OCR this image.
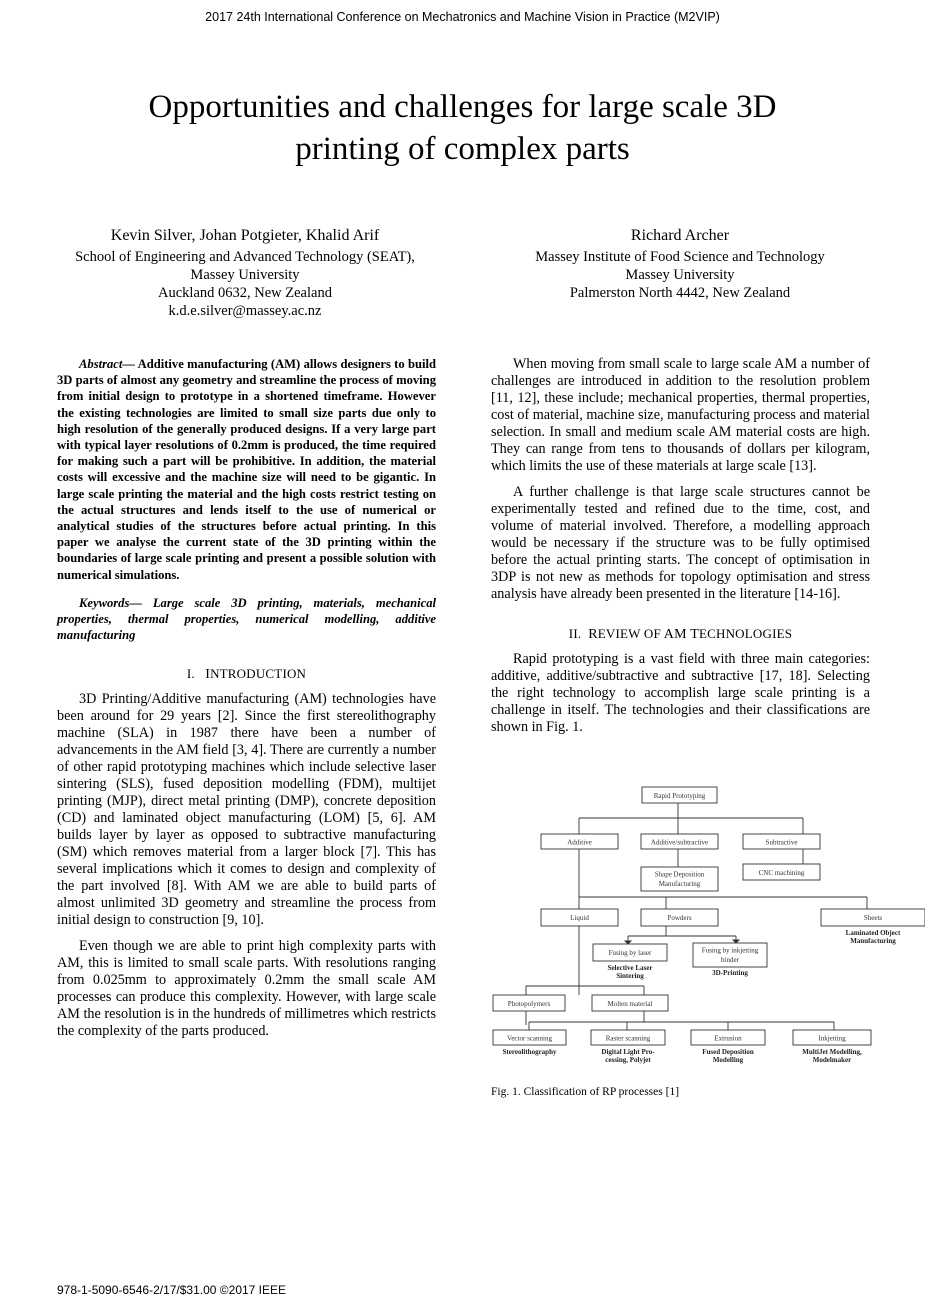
2017 24th International Conference on Mechatronics and Machine Vision in Practice (M2VIP)
Opportunities and challenges for large scale 3D
printing of complex parts
Kevin Silver, Johan Potgieter, Khalid Arif
School of Engineering and Advanced Technology (SEAT),
Massey University
Auckland 0632, New Zealand
k.d.e.silver@massey.ac.nz
Richard Archer
Massey Institute of Food Science and Technology
Massey University
Palmerston North 4442, New Zealand

Abstract— Additive manufacturing (AM) allows designers to build 3D parts of almost any geometry and streamline the process of moving from initial design to prototype in a shortened timeframe. However the existing technologies are limited to small size parts due only to high resolution of the generally produced designs. If a very large part with typical layer resolutions of 0.2mm is produced, the time required for making such a part will be prohibitive. In addition, the material costs will excessive and the machine size will need to be gigantic. In large scale printing the material and the high costs restrict testing on the actual structures and lends itself to the use of numerical or analytical studies of the structures before actual printing. In this paper we analyse the current state of the 3D printing within the boundaries of large scale printing and present a possible solution with numerical simulations.

Keywords— Large scale 3D printing, materials, mechanical properties, thermal properties, numerical modelling, additive manufacturing

I. INTRODUCTION

3D Printing/Additive manufacturing (AM) technologies have been around for 29 years [2]. Since the first stereolithography machine (SLA) in 1987 there have been a number of advancements in the AM field [3, 4]. There are currently a number of other rapid prototyping machines which include selective laser sintering (SLS), fused deposition modelling (FDM), multijet printing (MJP), direct metal printing (DMP), concrete deposition (CD) and laminated object manufacturing (LOM) [5, 6]. AM builds layer by layer as opposed to subtractive manufacturing (SM) which removes material from a larger block [7]. This has several implications which it comes to design and complexity of the part involved [8]. With AM we are able to build parts of almost unlimited 3D geometry and streamline the process from initial design to construction [9, 10].

Even though we are able to print high complexity parts with AM, this is limited to small scale parts. With resolutions ranging from 0.025mm to approximately 0.2mm the small scale AM processes can produce this complexity. However, with large scale AM the resolution is in the hundreds of millimetres which restricts the complexity of the parts produced.

When moving from small scale to large scale AM a number of challenges are introduced in addition to the resolution problem [11, 12], these include; mechanical properties, thermal properties, cost of material, machine size, manufacturing process and material selection. In small and medium scale AM material costs are high. They can range from tens to thousands of dollars per kilogram, which limits the use of these materials at large scale [13].

A further challenge is that large scale structures cannot be experimentally tested and refined due to the time, cost, and volume of material involved. Therefore, a modelling approach would be necessary if the structure was to be fully optimised before the actual printing starts. The concept of optimisation in 3DP is not new as methods for topology optimisation and stress analysis have already been presented in the literature [14-16].

II. REVIEW OF AM TECHNOLOGIES

Rapid prototyping is a vast field with three main categories: additive, additive/subtractive and subtractive [17, 18]. Selecting the right technology to accomplish large scale printing is a challenge in itself. The technologies and their classifications are shown in Fig. 1.

Rapid Prototyping
Additive	Additive/subtractive	Subtractive
Shape Deposition
Manufacturing
CNC machining
Liquid	Powders	Sheets
Fusing by laser	Fusing by inkjetting
binder
Photopolymers	Molten material
Vector scanning	Raster scanning	Extrusion	Inkjetting
Laminated Object
Manufacturing
Selective Laser
Sintering	3D-Printing
Stereolithography	Digital Light Pro-
cessing, Polyjet
Fused Deposition
Modelling
MultiJet Modelling,
Modelmaker
Fig. 1. Classification of RP processes [1]
978-1-5090-6546-2/17/$31.00 ©2017 IEEE
